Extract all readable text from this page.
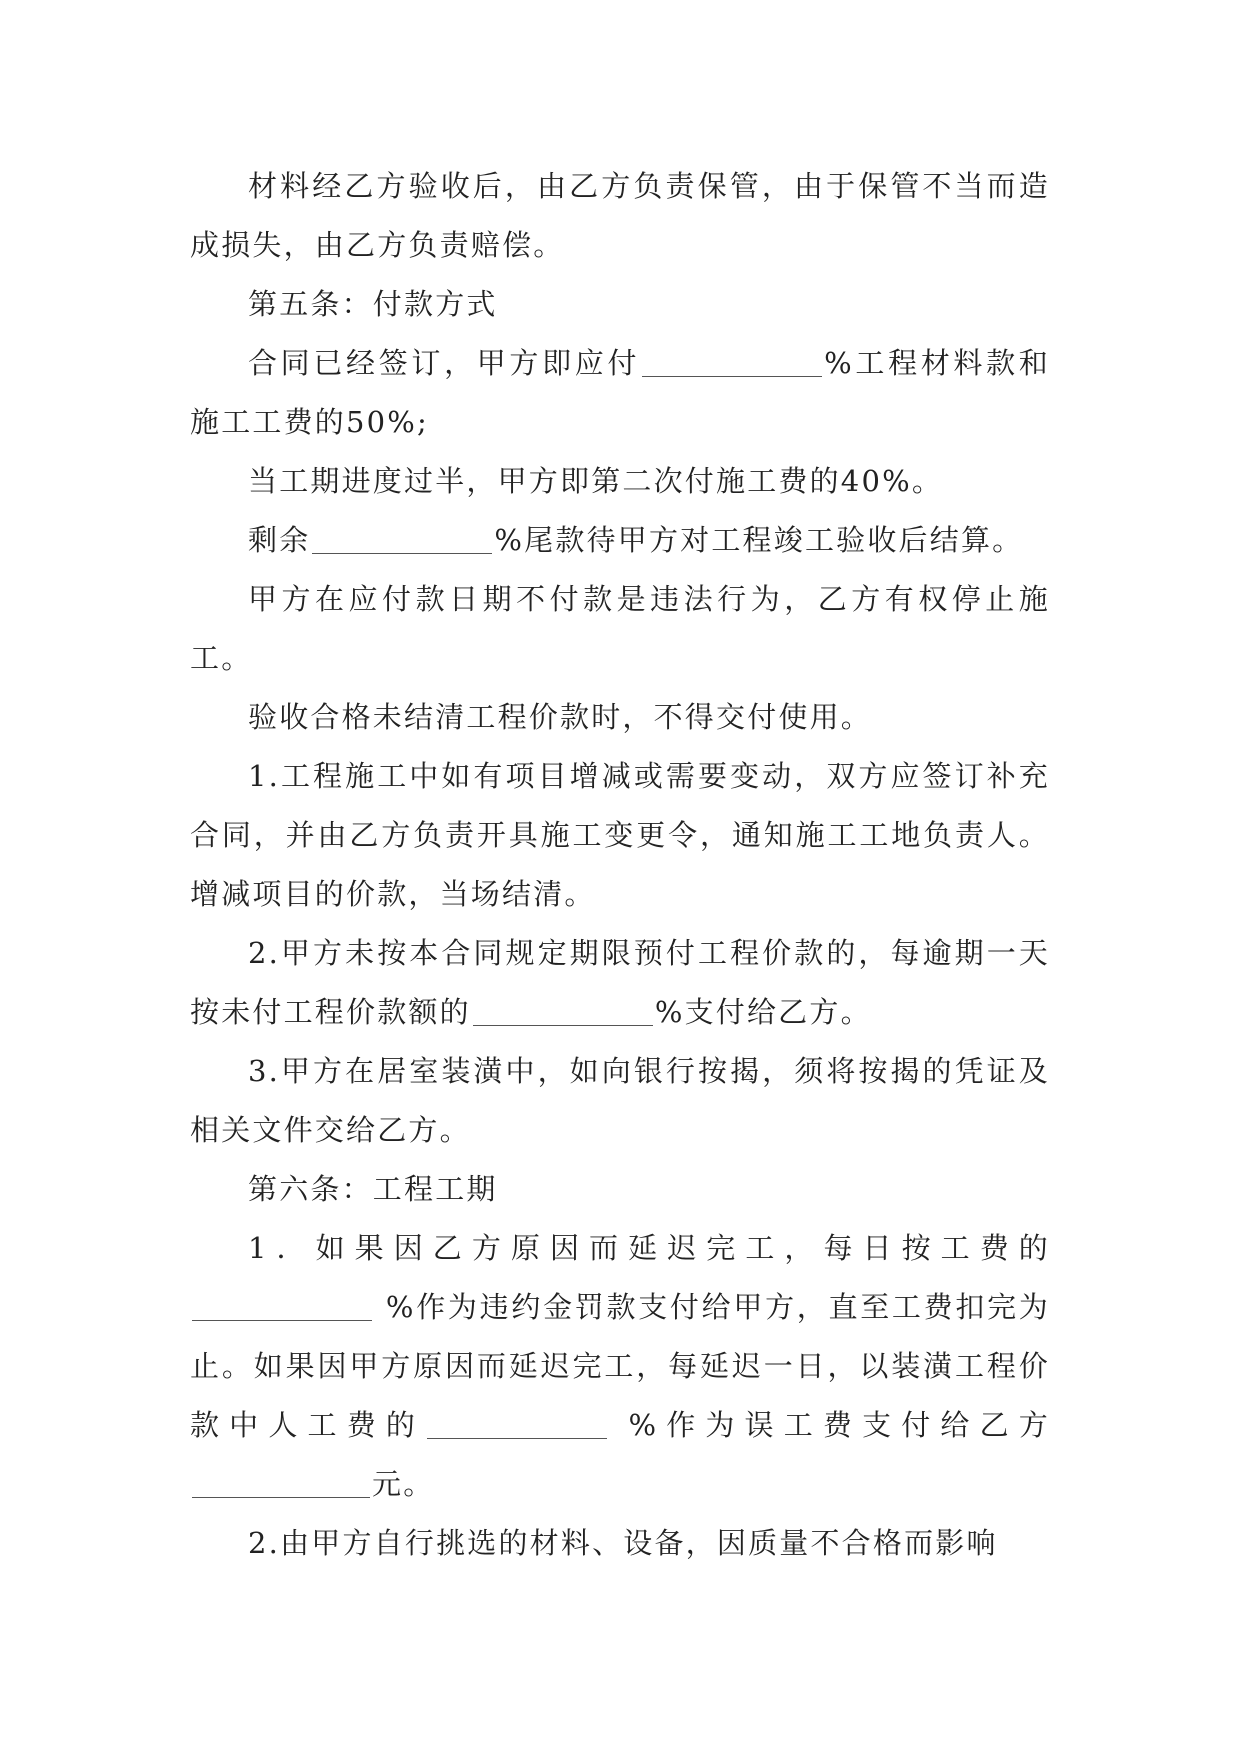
材料经乙方验收后，由乙方负责保管，由于保管不当而造成损失，由乙方负责赔偿。

第五条：付款方式

合同已经签订，甲方即应付	%工程材料款和施工工费的50%;

当工期进度过半，甲方即第二次付施工费的40%。

剩余	%尾款待甲方对工程竣工验收后结算。

甲方在应付款日期不付款是违法行为，乙方有权停止施工。

验收合格未结清工程价款时，不得交付使用。

1.工程施工中如有项目增减或需要变动，双方应签订补充合同，并由乙方负责开具施工变更令，通知施工工地负责人。增减项目的价款，当场结清。

2.甲方未按本合同规定期限预付工程价款的，每逾期一天按未付工程价款额的	%支付给乙方。

3.甲方在居室装潢中，如向银行按揭，须将按揭的凭证及相关文件交给乙方。

第六条：工程工期

1．如果因乙方原因而延迟完工，每日按工费的 %作为违约金罚款支付给甲方，直至工费扣完为止。如果因甲方原因而延迟完工，每延迟一日，以装潢工程价款中人工费的	%作为误工费支付给乙方元。

2.由甲方自行挑选的材料、设备，因质量不合格而影响
